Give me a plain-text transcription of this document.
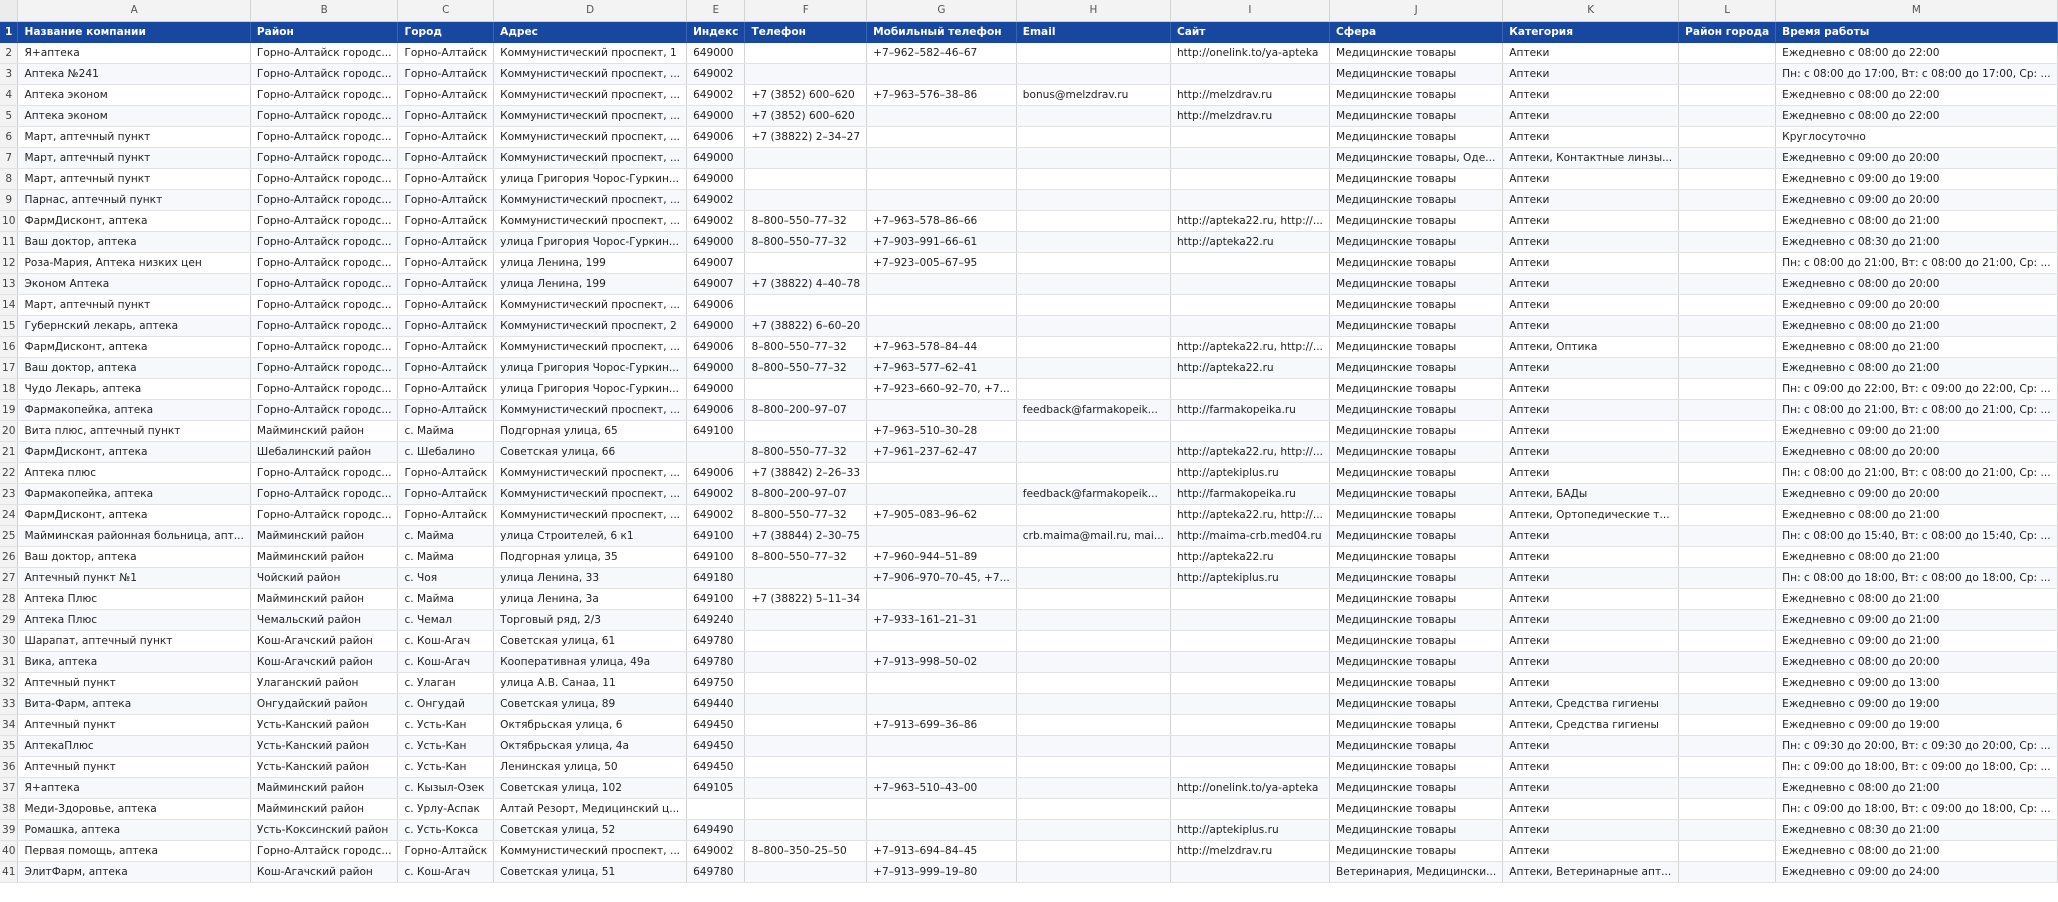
	A	B	C	D	E	F	G	H	I	J	K	L	M
1	Название компании	Район	Город	Адрес	Индекс	Телефон	Мобильный телефон	Email	Сайт	Сфера	Категория	Район города	Время работы
2	Я+аптека	Горно-Алтайск городс...	Горно-Алтайск	Коммунистический проспект, 1	649000		+7–962–582–46–67		http://onelink.to/ya-apteka	Медицинские товары	Аптеки		Ежедневно с 08:00 до 22:00
3	Аптека №241	Горно-Алтайск городс...	Горно-Алтайск	Коммунистический проспект, ...	649002					Медицинские товары	Аптеки		Пн: с 08:00 до 17:00, Вт: с 08:00 до 17:00, Ср: ...
4	Аптека эконом	Горно-Алтайск городс...	Горно-Алтайск	Коммунистический проспект, ...	649002	+7 (3852) 600–620	+7–963–576–38–86	bonus@melzdrav.ru	http://melzdrav.ru	Медицинские товары	Аптеки		Ежедневно с 08:00 до 22:00
5	Аптека эконом	Горно-Алтайск городс...	Горно-Алтайск	Коммунистический проспект, ...	649000	+7 (3852) 600–620			http://melzdrav.ru	Медицинские товары	Аптеки		Ежедневно с 08:00 до 22:00
6	Март, аптечный пункт	Горно-Алтайск городс...	Горно-Алтайск	Коммунистический проспект, ...	649006	+7 (38822) 2–34–27				Медицинские товары	Аптеки		Круглосуточно
7	Март, аптечный пункт	Горно-Алтайск городс...	Горно-Алтайск	Коммунистический проспект, ...	649000					Медицинские товары, Оде...	Аптеки, Контактные линзы...		Ежедневно с 09:00 до 20:00
8	Март, аптечный пункт	Горно-Алтайск городс...	Горно-Алтайск	улица Григория Чорос-Гуркин...	649000					Медицинские товары	Аптеки		Ежедневно с 09:00 до 19:00
9	Парнас, аптечный пункт	Горно-Алтайск городс...	Горно-Алтайск	Коммунистический проспект, ...	649002					Медицинские товары	Аптеки		Ежедневно с 09:00 до 20:00
10	ФармДисконт, аптека	Горно-Алтайск городс...	Горно-Алтайск	Коммунистический проспект, ...	649002	8–800–550–77–32	+7–963–578–86–66		http://apteka22.ru, http://...	Медицинские товары	Аптеки		Ежедневно с 08:00 до 21:00
11	Ваш доктор, аптека	Горно-Алтайск городс...	Горно-Алтайск	улица Григория Чорос-Гуркин...	649000	8–800–550–77–32	+7–903–991–66–61		http://apteka22.ru	Медицинские товары	Аптеки		Ежедневно с 08:30 до 21:00
12	Роза-Мария, Аптека низких цен	Горно-Алтайск городс...	Горно-Алтайск	улица Ленина, 199	649007		+7–923–005–67–95			Медицинские товары	Аптеки		Пн: с 08:00 до 21:00, Вт: с 08:00 до 21:00, Ср: ...
13	Эконом Аптека	Горно-Алтайск городс...	Горно-Алтайск	улица Ленина, 199	649007	+7 (38822) 4–40–78				Медицинские товары	Аптеки		Ежедневно с 08:00 до 20:00
14	Март, аптечный пункт	Горно-Алтайск городс...	Горно-Алтайск	Коммунистический проспект, ...	649006					Медицинские товары	Аптеки		Ежедневно с 09:00 до 20:00
15	Губернский лекарь, аптека	Горно-Алтайск городс...	Горно-Алтайск	Коммунистический проспект, 2	649000	+7 (38822) 6–60–20				Медицинские товары	Аптеки		Ежедневно с 08:00 до 21:00
16	ФармДисконт, аптека	Горно-Алтайск городс...	Горно-Алтайск	Коммунистический проспект, ...	649006	8–800–550–77–32	+7–963–578–84–44		http://apteka22.ru, http://...	Медицинские товары	Аптеки, Оптика		Ежедневно с 08:00 до 21:00
17	Ваш доктор, аптека	Горно-Алтайск городс...	Горно-Алтайск	улица Григория Чорос-Гуркин...	649000	8–800–550–77–32	+7–963–577–62–41		http://apteka22.ru	Медицинские товары	Аптеки		Ежедневно с 08:00 до 21:00
18	Чудо Лекарь, аптека	Горно-Алтайск городс...	Горно-Алтайск	улица Григория Чорос-Гуркин...	649000		+7–923–660–92–70, +7...			Медицинские товары	Аптеки		Пн: с 09:00 до 22:00, Вт: с 09:00 до 22:00, Ср: ...
19	Фармакопейка, аптека	Горно-Алтайск городс...	Горно-Алтайск	Коммунистический проспект, ...	649006	8–800–200–97–07		feedback@farmakopeik...	http://farmakopeika.ru	Медицинские товары	Аптеки		Пн: с 08:00 до 21:00, Вт: с 08:00 до 21:00, Ср: ...
20	Вита плюс, аптечный пункт	Майминский район	с. Майма	Подгорная улица, 65	649100		+7–963–510–30–28			Медицинские товары	Аптеки		Ежедневно с 09:00 до 21:00
21	ФармДисконт, аптека	Шебалинский район	с. Шебалино	Советская улица, 66		8–800–550–77–32	+7–961–237–62–47		http://apteka22.ru, http://...	Медицинские товары	Аптеки		Ежедневно с 08:00 до 20:00
22	Аптека плюс	Горно-Алтайск городс...	Горно-Алтайск	Коммунистический проспект, ...	649006	+7 (38842) 2–26–33			http://aptekiplus.ru	Медицинские товары	Аптеки		Пн: с 08:00 до 21:00, Вт: с 08:00 до 21:00, Ср: ...
23	Фармакопейка, аптека	Горно-Алтайск городс...	Горно-Алтайск	Коммунистический проспект, ...	649002	8–800–200–97–07		feedback@farmakopeik...	http://farmakopeika.ru	Медицинские товары	Аптеки, БАДы		Ежедневно с 09:00 до 20:00
24	ФармДисконт, аптека	Горно-Алтайск городс...	Горно-Алтайск	Коммунистический проспект, ...	649002	8–800–550–77–32	+7–905–083–96–62		http://apteka22.ru, http://...	Медицинские товары	Аптеки, Ортопедические т...		Ежедневно с 08:00 до 21:00
25	Майминская районная больница, апт...	Майминский район	с. Майма	улица Строителей, 6 к1	649100	+7 (38844) 2–30–75		crb.maima@mail.ru, mai...	http://maima-crb.med04.ru	Медицинские товары	Аптеки		Пн: с 08:00 до 15:40, Вт: с 08:00 до 15:40, Ср: ...
26	Ваш доктор, аптека	Майминский район	с. Майма	Подгорная улица, 35	649100	8–800–550–77–32	+7–960–944–51–89		http://apteka22.ru	Медицинские товары	Аптеки		Ежедневно с 08:00 до 21:00
27	Аптечный пункт №1	Чойский район	с. Чоя	улица Ленина, 33	649180		+7–906–970–70–45, +7...		http://aptekiplus.ru	Медицинские товары	Аптеки		Пн: с 08:00 до 18:00, Вт: с 08:00 до 18:00, Ср: ...
28	Аптека Плюс	Майминский район	с. Майма	улица Ленина, 3а	649100	+7 (38822) 5–11–34				Медицинские товары	Аптеки		Ежедневно с 08:00 до 21:00
29	Аптека Плюс	Чемальский район	с. Чемал	Торговый ряд, 2/3	649240		+7–933–161–21–31			Медицинские товары	Аптеки		Ежедневно с 09:00 до 21:00
30	Шарапат, аптечный пункт	Кош-Агачский район	с. Кош-Агач	Советская улица, 61	649780					Медицинские товары	Аптеки		Ежедневно с 09:00 до 21:00
31	Вика, аптека	Кош-Агачский район	с. Кош-Агач	Кооперативная улица, 49а	649780		+7–913–998–50–02			Медицинские товары	Аптеки		Ежедневно с 08:00 до 20:00
32	Аптечный пункт	Улаганский район	с. Улаган	улица А.В. Санаа, 11	649750					Медицинские товары	Аптеки		Ежедневно с 09:00 до 13:00
33	Вита-Фарм, аптека	Онгудайский район	с. Онгудай	Советская улица, 89	649440					Медицинские товары	Аптеки, Средства гигиены		Ежедневно с 09:00 до 19:00
34	Аптечный пункт	Усть-Канский район	с. Усть-Кан	Октябрьская улица, 6	649450		+7–913–699–36–86			Медицинские товары	Аптеки, Средства гигиены		Ежедневно с 09:00 до 19:00
35	АптекаПлюс	Усть-Канский район	с. Усть-Кан	Октябрьская улица, 4а	649450					Медицинские товары	Аптеки		Пн: с 09:30 до 20:00, Вт: с 09:30 до 20:00, Ср: ...
36	Аптечный пункт	Усть-Канский район	с. Усть-Кан	Ленинская улица, 50	649450					Медицинские товары	Аптеки		Пн: с 09:00 до 18:00, Вт: с 09:00 до 18:00, Ср: ...
37	Я+аптека	Майминский район	с. Кызыл-Озек	Советская улица, 102	649105		+7–963–510–43–00		http://onelink.to/ya-apteka	Медицинские товары	Аптеки		Ежедневно с 08:00 до 21:00
38	Меди-Здоровье, аптека	Майминский район	с. Урлу-Аспак	Алтай Резорт, Медицинский ц...						Медицинские товары	Аптеки		Пн: с 09:00 до 18:00, Вт: с 09:00 до 18:00, Ср: ...
39	Ромашка, аптека	Усть-Коксинский район	с. Усть-Кокса	Советская улица, 52	649490				http://aptekiplus.ru	Медицинские товары	Аптеки		Ежедневно с 08:30 до 21:00
40	Первая помощь, аптека	Горно-Алтайск городс...	Горно-Алтайск	Коммунистический проспект, ...	649002	8–800–350–25–50	+7–913–694–84–45		http://melzdrav.ru	Медицинские товары	Аптеки		Ежедневно с 08:00 до 21:00
41	ЭлитФарм, аптека	Кош-Агачский район	с. Кош-Агач	Советская улица, 51	649780		+7–913–999–19–80			Ветеринария, Медицински...	Аптеки, Ветеринарные апт...		Ежедневно с 09:00 до 24:00
